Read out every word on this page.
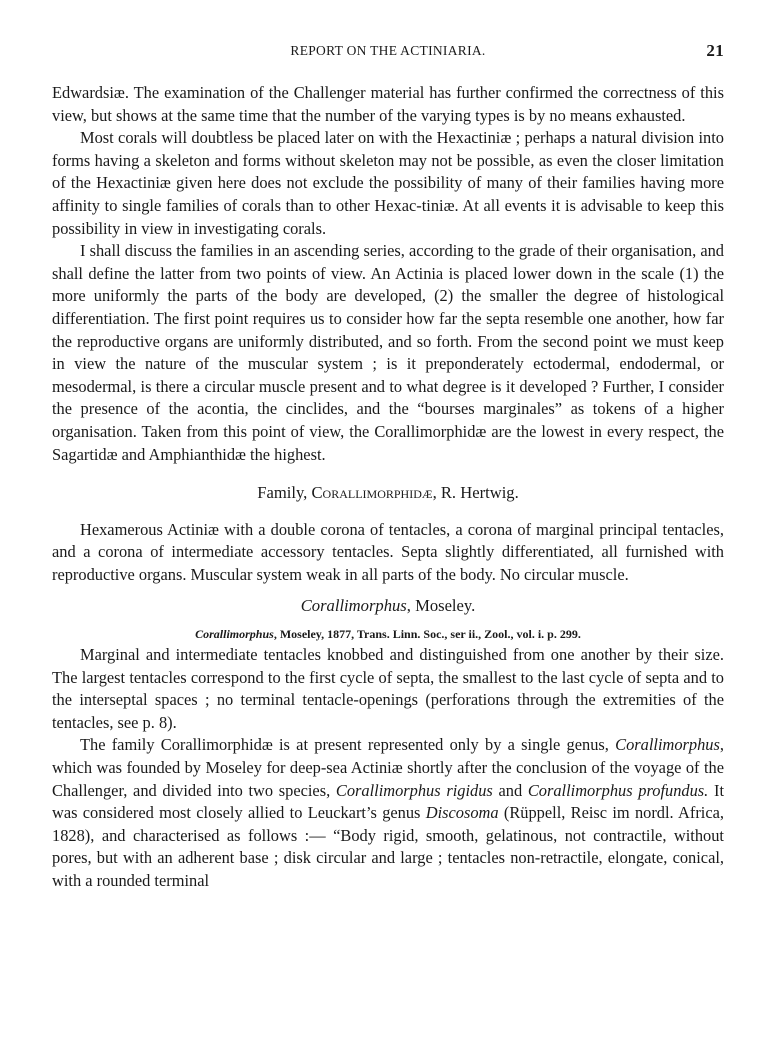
REPORT ON THE ACTINIARIA.	21

Edwardsiæ. The examination of the Challenger material has further confirmed the correctness of this view, but shows at the same time that the number of the varying types is by no means exhausted.

Most corals will doubtless be placed later on with the Hexactiniæ ; perhaps a natural division into forms having a skeleton and forms without skeleton may not be possible, as even the closer limitation of the Hexactiniæ given here does not exclude the possibility of many of their families having more affinity to single families of corals than to other Hexac-tiniæ. At all events it is advisable to keep this possibility in view in investigating corals.

I shall discuss the families in an ascending series, according to the grade of their organisation, and shall define the latter from two points of view. An Actinia is placed lower down in the scale (1) the more uniformly the parts of the body are developed, (2) the smaller the degree of histological differentiation. The first point requires us to consider how far the septa resemble one another, how far the reproductive organs are uniformly distributed, and so forth. From the second point we must keep in view the nature of the muscular system ; is it preponderately ectodermal, endodermal, or mesodermal, is there a circular muscle present and to what degree is it developed ? Further, I consider the presence of the acontia, the cinclides, and the “bourses marginales” as tokens of a higher organisation. Taken from this point of view, the Corallimorphidæ are the lowest in every respect, the Sagartidæ and Amphianthidæ the highest.

Family, Corallimorphidæ, R. Hertwig.

Hexamerous Actiniæ with a double corona of tentacles, a corona of marginal principal tentacles, and a corona of intermediate accessory tentacles. Septa slightly differentiated, all furnished with reproductive organs. Muscular system weak in all parts of the body. No circular muscle.

Corallimorphus, Moseley.

Corallimorphus, Moseley, 1877, Trans. Linn. Soc., ser ii., Zool., vol. i. p. 299.

Marginal and intermediate tentacles knobbed and distinguished from one another by their size. The largest tentacles correspond to the first cycle of septa, the smallest to the last cycle of septa and to the interseptal spaces ; no terminal tentacle-openings (perforations through the extremities of the tentacles, see p. 8).

The family Corallimorphidæ is at present represented only by a single genus, Corallimorphus, which was founded by Moseley for deep-sea Actiniæ shortly after the conclusion of the voyage of the Challenger, and divided into two species, Corallimorphus rigidus and Corallimorphus profundus. It was considered most closely allied to Leuckart’s genus Discosoma (Rüppell, Reisc im nordl. Africa, 1828), and characterised as follows :— “Body rigid, smooth, gelatinous, not contractile, without pores, but with an adherent base ; disk circular and large ; tentacles non-retractile, elongate, conical, with a rounded terminal
